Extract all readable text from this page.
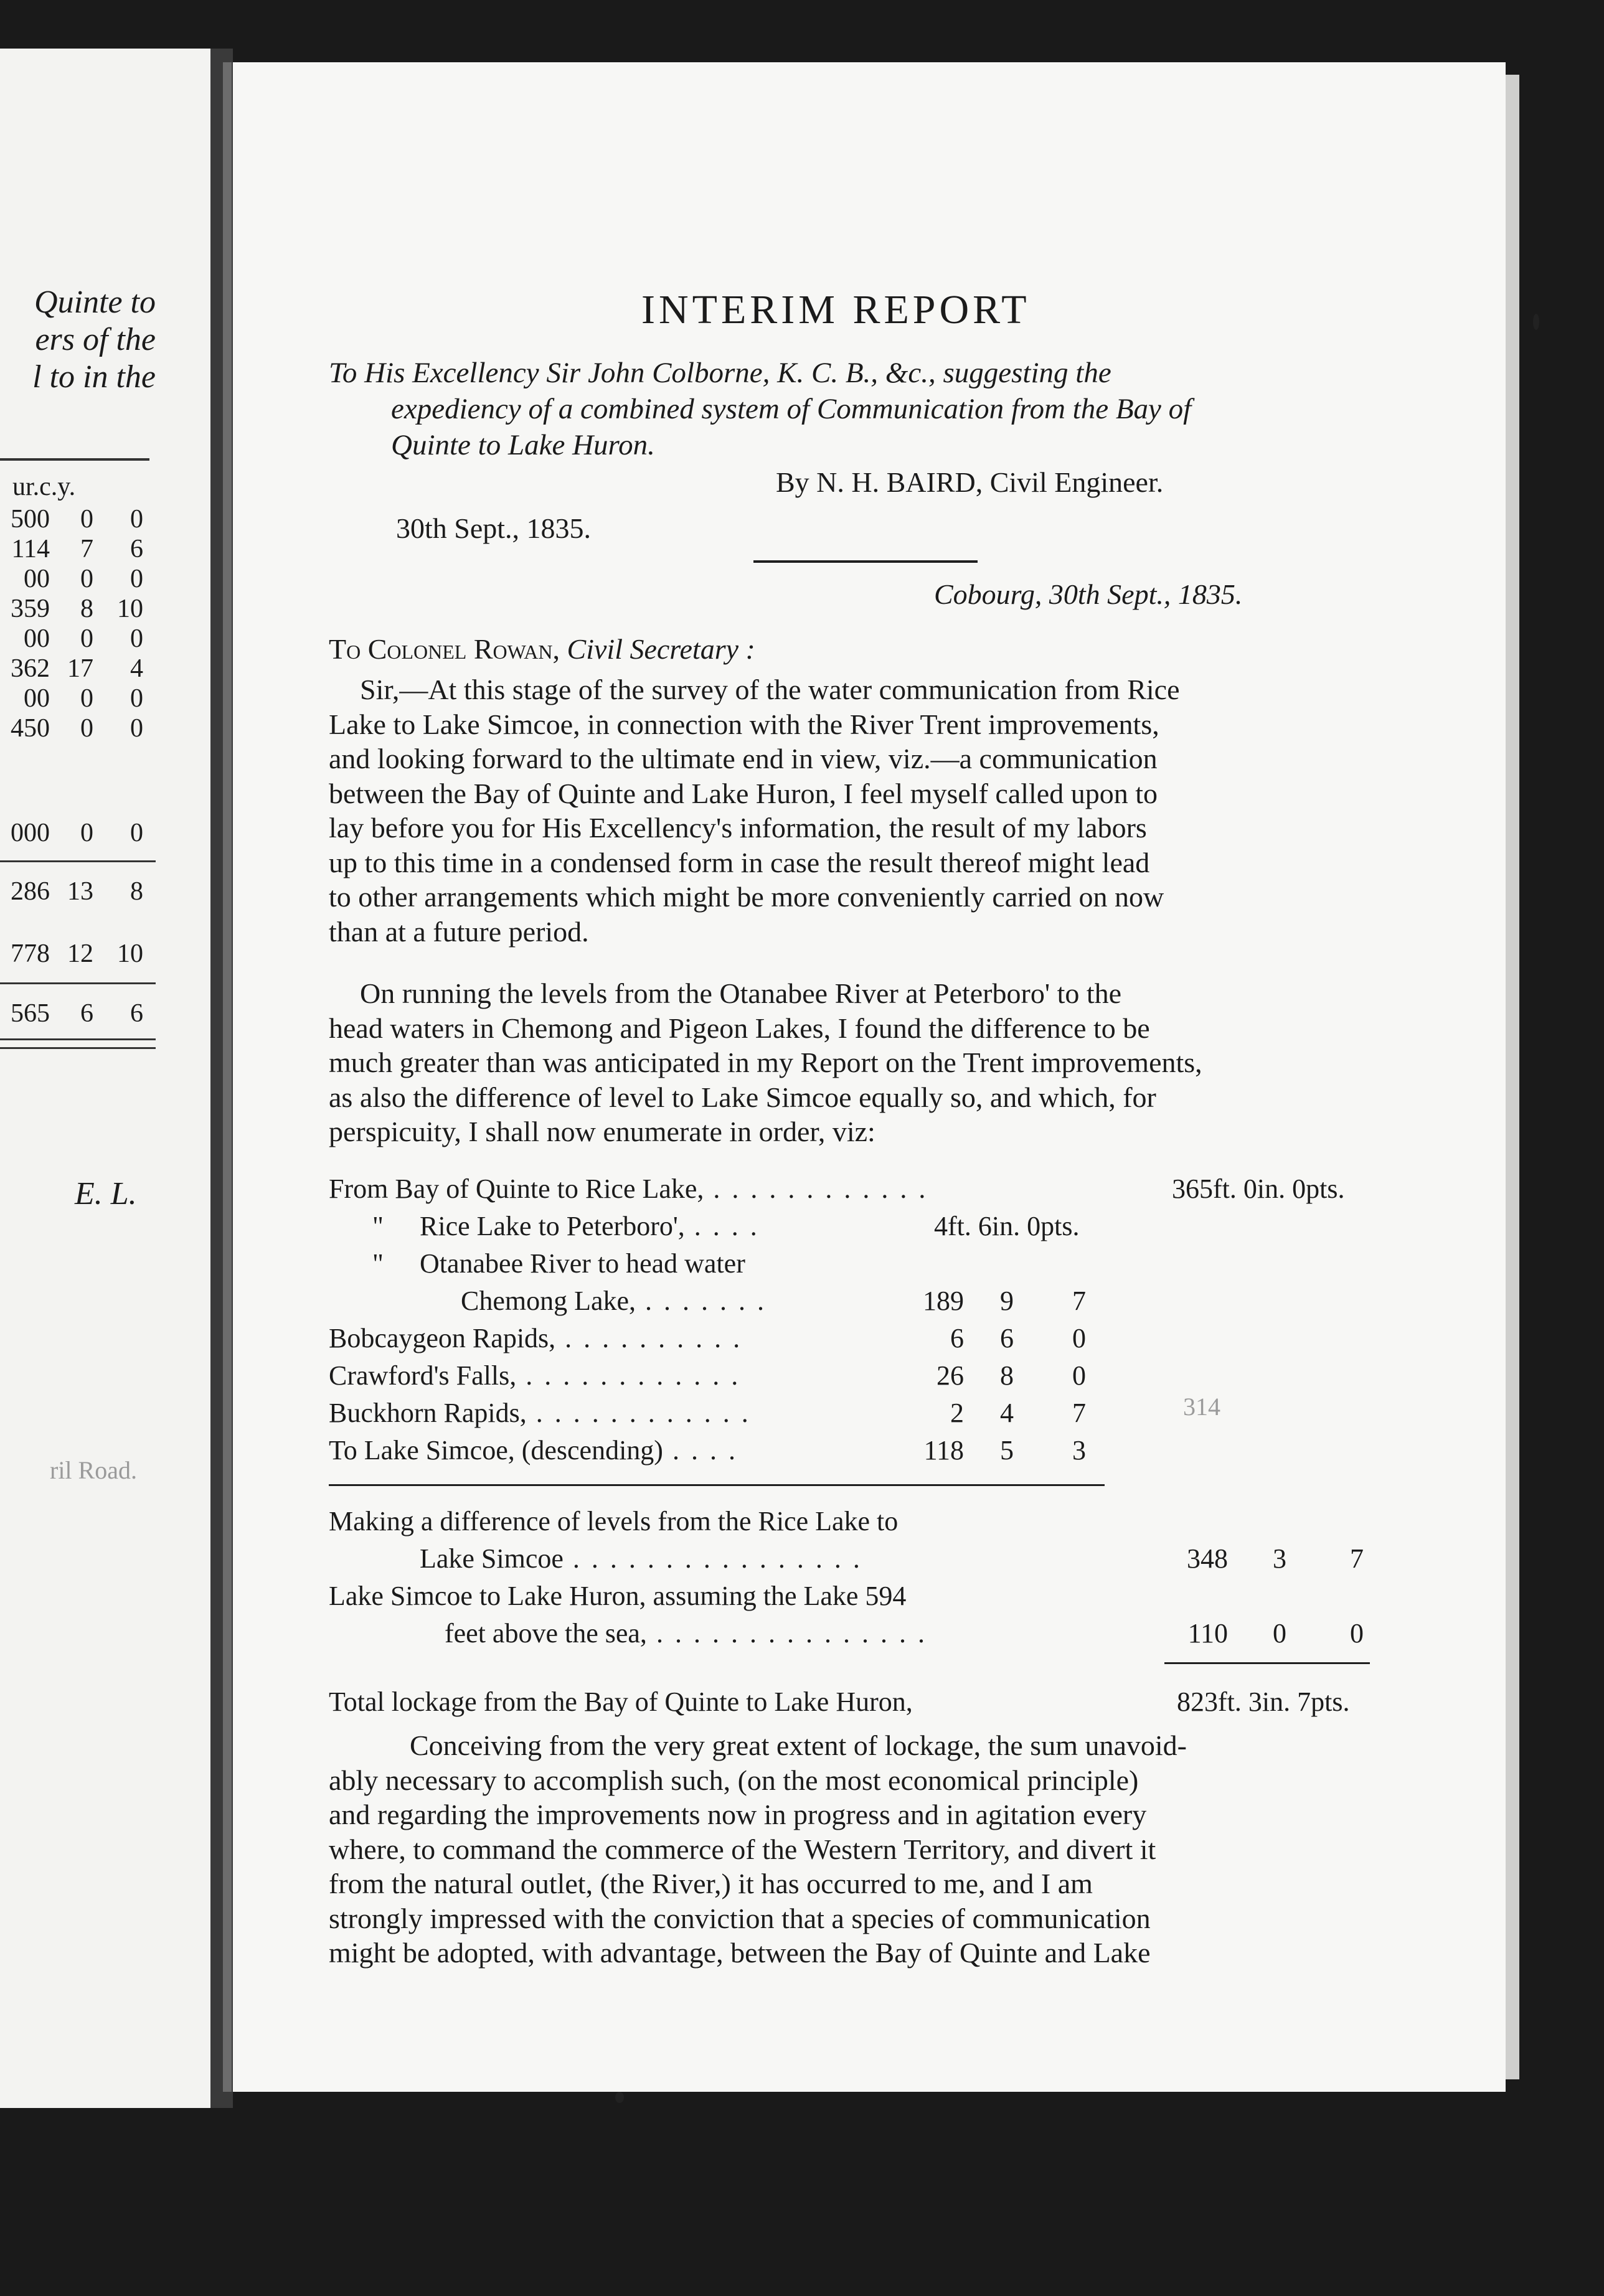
Quinte to
ers of the
l to in the
ur.c.y.
500 0 0
114 7 6
00 0 0
359 8 10
00 0 0
362 17 4
00 0 0
450 0 0
000 0 0
286 13 8
778 12 10
565 6 6
E. L.
ril Road.
INTERIM REPORT
To His Excellency Sir John Colborne, K. C. B., &c., suggesting the
expediency of a combined system of Communication from the Bay of
Quinte to Lake Huron.
By N. H. BAIRD, Civil Engineer.
30th Sept., 1835.
Cobourg, 30th Sept., 1835.
To Colonel Rowan, Civil Secretary :
Sir,—At this stage of the survey of the water communication from Rice
Lake to Lake Simcoe, in connection with the River Trent improvements,
and looking forward to the ultimate end in view, viz.—a communication
between the Bay of Quinte and Lake Huron, I feel myself called upon to
lay before you for His Excellency's information, the result of my labors
up to this time in a condensed form in case the result thereof might lead
to other arrangements which might be more conveniently carried on now
than at a future period.
On running the levels from the Otanabee River at Peterboro' to the
head waters in Chemong and Pigeon Lakes, I found the difference to be
much greater than was anticipated in my Report on the Trent improvements,
as also the difference of level to Lake Simcoe equally so, and which, for
perspicuity, I shall now enumerate in order, viz:
From Bay of Quinte to Rice Lake, . . . . . . . . . . . .	365ft. 0in. 0pts.
" Rice Lake to Peterboro', . . . .	4ft. 6in. 0pts.
" Otanabee River to head water
Chemong Lake, . . . . . . .	189 9 7
Bobcaygeon Rapids, . . . . . . . . . .	6 6 0
Crawford's Falls, . . . . . . . . . . . .	26 8 0
Buckhorn Rapids, . . . . . . . . . . . .	2 4 7
To Lake Simcoe, (descending) . . . .	118 5 3
314
Making a difference of levels from the Rice Lake to
Lake Simcoe . . . . . . . . . . . . . . . .	348 3 7
Lake Simcoe to Lake Huron, assuming the Lake 594
feet above the sea, . . . . . . . . . . . . . . .	110 0 0
Total lockage from the Bay of Quinte to Lake Huron,	823ft. 3in. 7pts.
Conceiving from the very great extent of lockage, the sum unavoid-
ably necessary to accomplish such, (on the most economical principle)
and regarding the improvements now in progress and in agitation every
where, to command the commerce of the Western Territory, and divert it
from the natural outlet, (the River,) it has occurred to me, and I am
strongly impressed with the conviction that a species of communication
might be adopted, with advantage, between the Bay of Quinte and Lake
